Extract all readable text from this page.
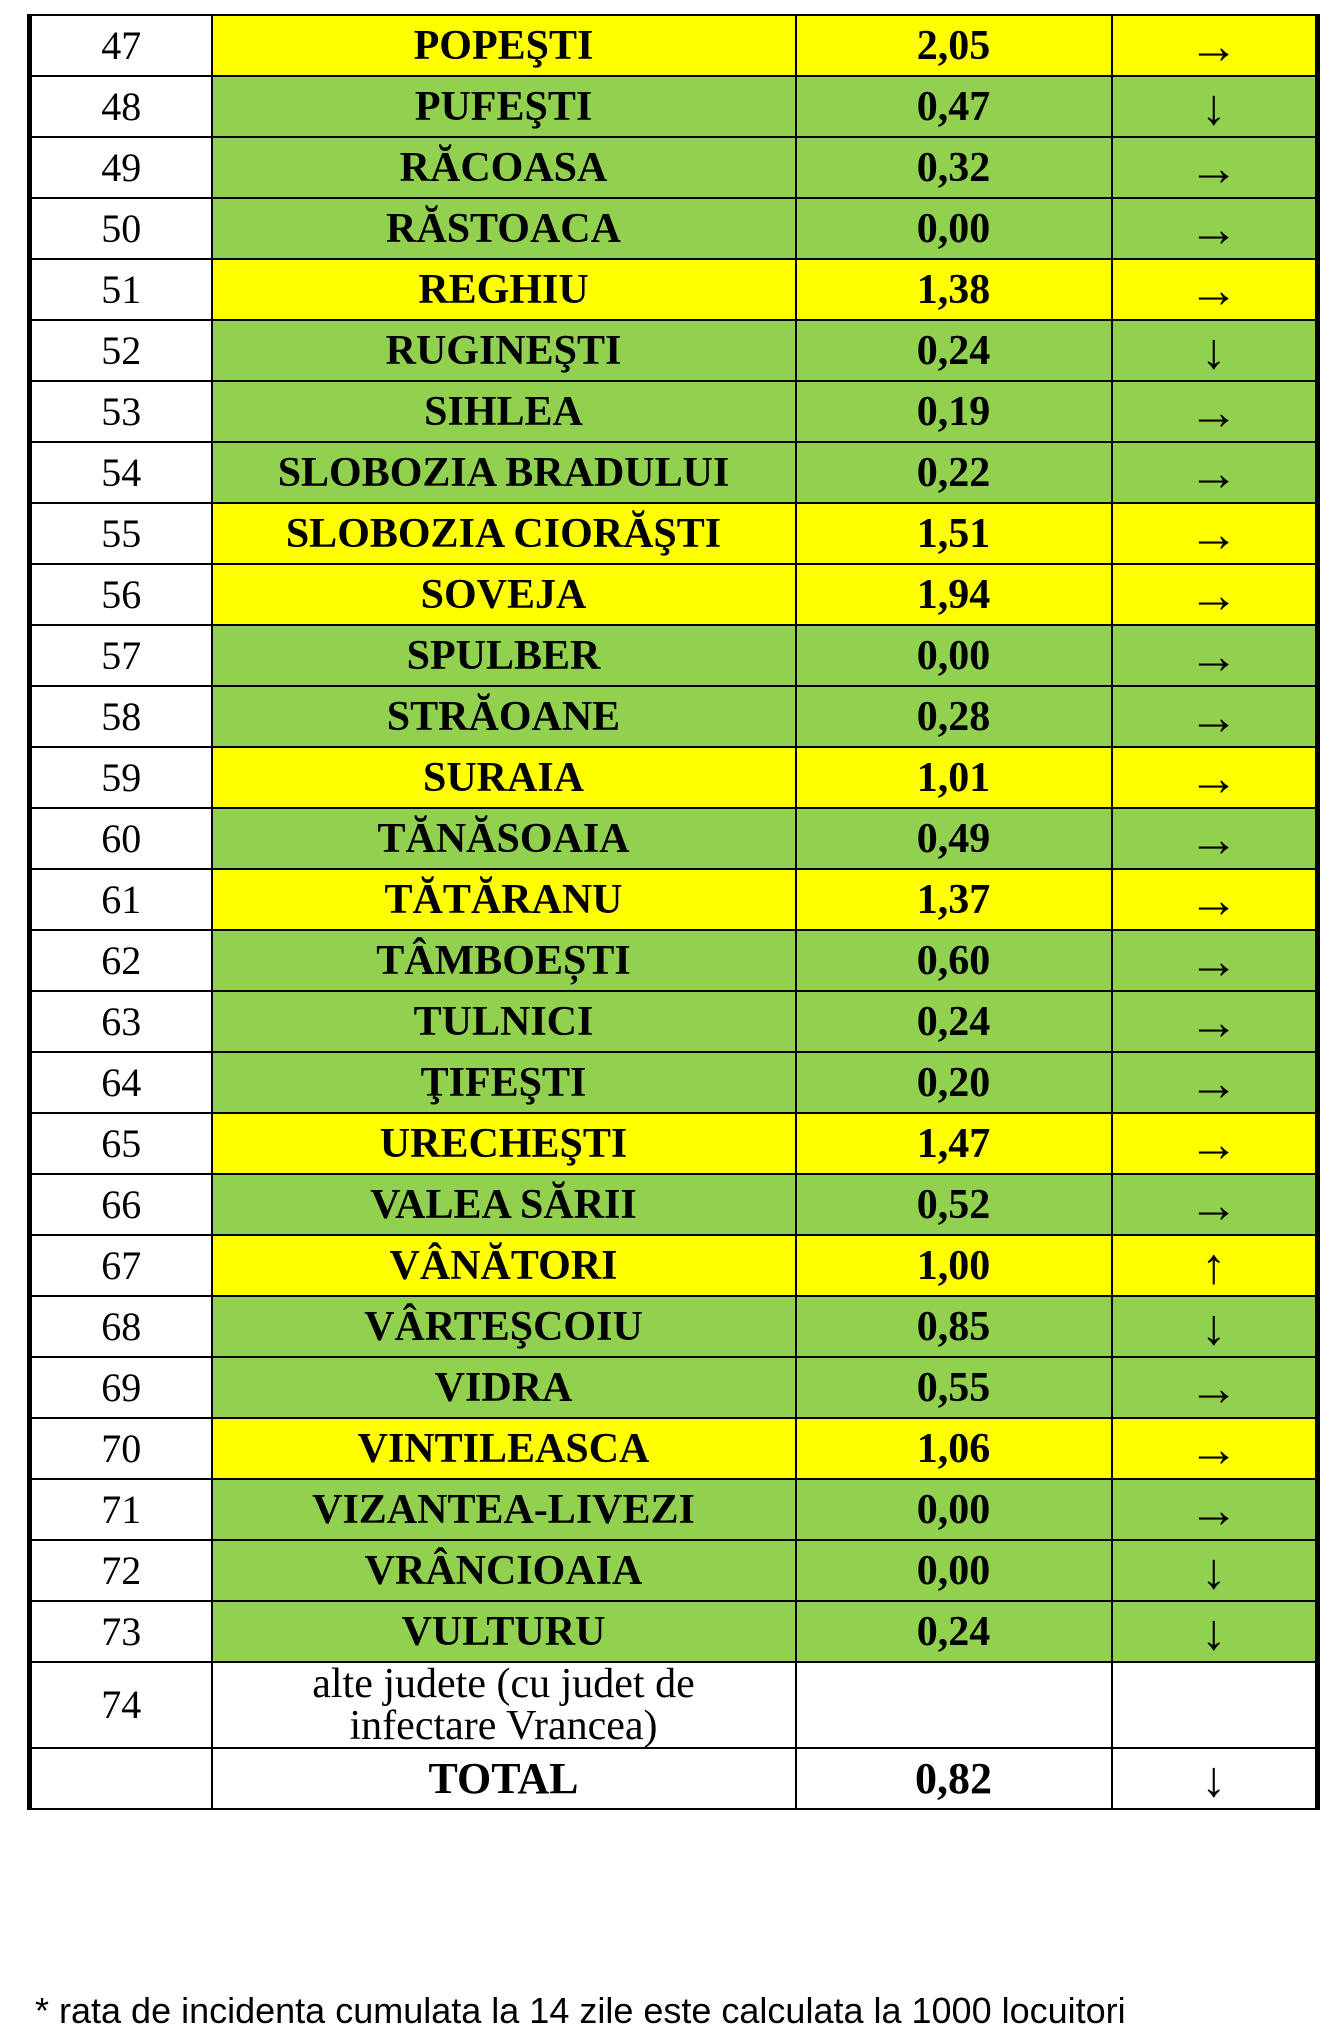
47	POPEŞTI	2,05	→
48	PUFEŞTI	0,47	↓
49	RĂCOASA	0,32	→
50	RĂSTOACA	0,00	→
51	REGHIU	1,38	→
52	RUGINEŞTI	0,24	↓
53	SIHLEA	0,19	→
54	SLOBOZIA BRADULUI	0,22	→
55	SLOBOZIA CIORĂŞTI	1,51	→
56	SOVEJA	1,94	→
57	SPULBER	0,00	→
58	STRĂOANE	0,28	→
59	SURAIA	1,01	→
60	TĂNĂSOAIA	0,49	→
61	TĂTĂRANU	1,37	→
62	TÂMBOEȘTI	0,60	→
63	TULNICI	0,24	→
64	ŢIFEŞTI	0,20	→
65	URECHEŞTI	1,47	→
66	VALEA SĂRII	0,52	→
67	VÂNĂTORI	1,00	↑
68	VÂRTEŞCOIU	0,85	↓
69	VIDRA	0,55	→
70	VINTILEASCA	1,06	→
71	VIZANTEA-LIVEZI	0,00	→
72	VRÂNCIOAIA	0,00	↓
73	VULTURU	0,24	↓
74	alte judete (cu judet de
infectare Vrancea)		
	TOTAL	0,82	↓
* rata de incidenta cumulata la 14 zile este calculata la 1000 locuitori
